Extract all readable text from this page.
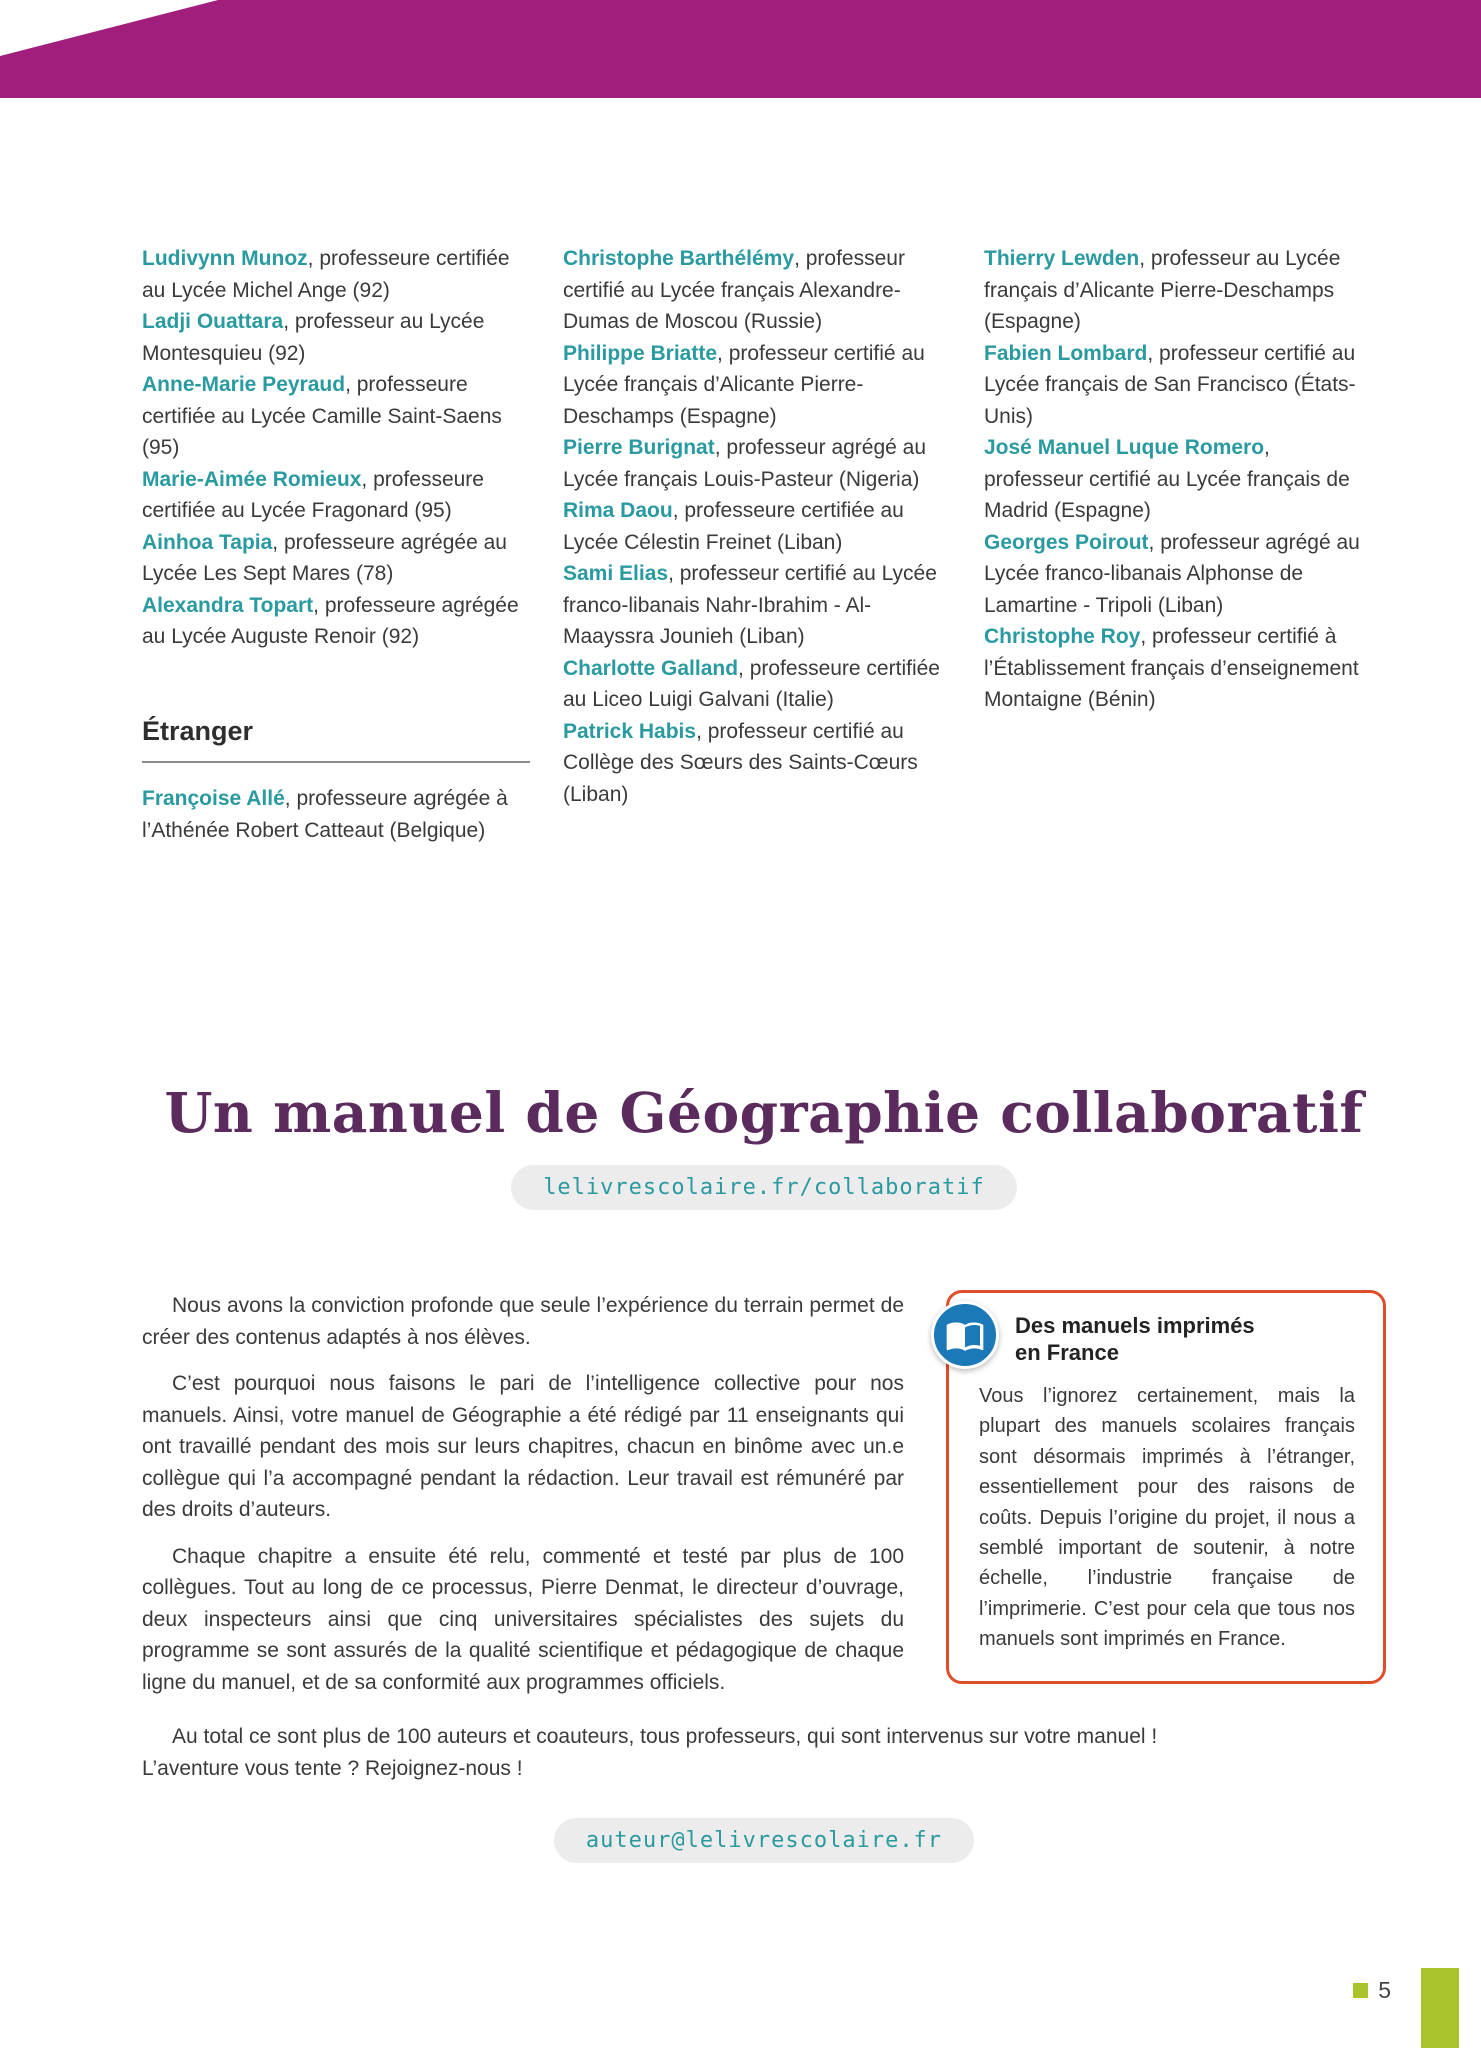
Ludivynn Munoz, professeure certifiée au Lycée Michel Ange (92)

Ladji Ouattara, professeur au Lycée Montesquieu (92)

Anne-Marie Peyraud, professeure certifiée au Lycée Camille Saint-Saens (95)

Marie-Aimée Romieux, professeure certifiée au Lycée Fragonard (95)

Ainhoa Tapia, professeure agrégée au Lycée Les Sept Mares (78)

Alexandra Topart, professeure agrégée au Lycée Auguste Renoir (92)

Étranger

Françoise Allé, professeure agrégée à l’Athénée Robert Catteaut (Belgique)

Christophe Barthélémy, professeur certifié au Lycée français Alexandre-Dumas de Moscou (Russie)

Philippe Briatte, professeur certifié au Lycée français d’Alicante Pierre-Deschamps (Espagne)

Pierre Burignat, professeur agrégé au Lycée français Louis-Pasteur (Nigeria)

Rima Daou, professeure certifiée au Lycée Célestin Freinet (Liban)

Sami Elias, professeur certifié au Lycée franco-libanais Nahr-Ibrahim - Al-Maayssra Jounieh (Liban)

Charlotte Galland, professeure certifiée au Liceo Luigi Galvani (Italie)

Patrick Habis, professeur certifié au Collège des Sœurs des Saints-Cœurs (Liban)

Thierry Lewden, professeur au Lycée français d’Alicante Pierre-Deschamps (Espagne)

Fabien Lombard, professeur certifié au Lycée français de San Francisco (États-Unis)

José Manuel Luque Romero, professeur certifié au Lycée français de Madrid (Espagne)

Georges Poirout, professeur agrégé au Lycée franco-libanais Alphonse de Lamartine - Tripoli (Liban)

Christophe Roy, professeur certifié à l’Établissement français d’enseignement Montaigne (Bénin)

Un manuel de Géographie collaboratif
lelivrescolaire.fr/collaboratif

Nous avons la conviction profonde que seule l’expérience du terrain permet de créer des contenus adaptés à nos élèves.

C’est pourquoi nous faisons le pari de l’intelligence collective pour nos manuels. Ainsi, votre manuel de Géographie a été rédigé par 11 enseignants qui ont travaillé pendant des mois sur leurs chapitres, chacun en binôme avec un.e collègue qui l’a accompagné pendant la rédaction. Leur travail est rémunéré par des droits d’auteurs.

Chaque chapitre a ensuite été relu, commenté et testé par plus de 100 collègues. Tout au long de ce processus, Pierre Denmat, le directeur d’ouvrage, deux inspecteurs ainsi que cinq universitaires spécialistes des sujets du programme se sont assurés de la qualité scientifique et pédagogique de chaque ligne du manuel, et de sa conformité aux programmes officiels.

Des manuels imprimés en France

Vous l’ignorez certainement, mais la plupart des manuels scolaires français sont désormais imprimés à l’étranger, essentiellement pour des raisons de coûts. Depuis l’origine du projet, il nous a semblé important de soutenir, à notre échelle, l’industrie française de l’imprimerie. C’est pour cela que tous nos manuels sont imprimés en France.

Au total ce sont plus de 100 auteurs et coauteurs, tous professeurs, qui sont intervenus sur votre manuel !
L’aventure vous tente ? Rejoignez-nous !

auteur@lelivrescolaire.fr
5
